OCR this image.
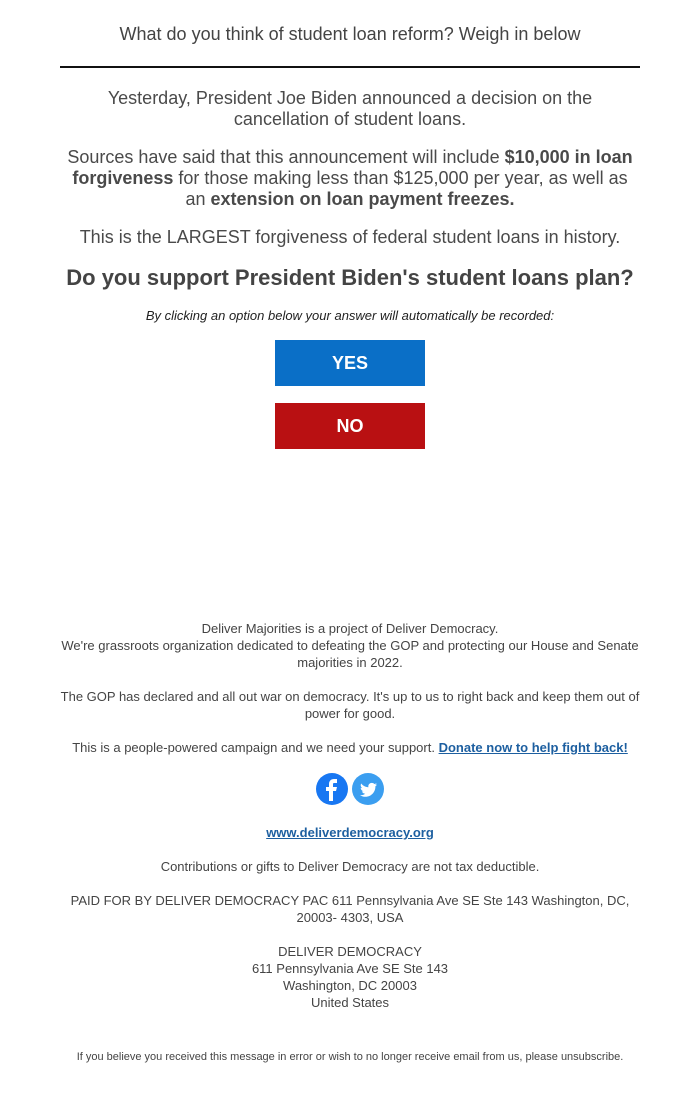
What do you think of student loan reform? Weigh in below

Yesterday, President Joe Biden announced a decision on the cancellation of student loans.

Sources have said that this announcement will include $10,000 in loan forgiveness for those making less than $125,000 per year, as well as an extension on loan payment freezes.

This is the LARGEST forgiveness of federal student loans in history.

Do you support President Biden's student loans plan?

By clicking an option below your answer will automatically be recorded:

YES
NO

Deliver Majorities is a project of Deliver Democracy.

We're grassroots organization dedicated to defeating the GOP and protecting our House and Senate majorities in 2022.

The GOP has declared and all out war on democracy. It's up to us to right back and keep them out of power for good.

This is a people-powered campaign and we need your support. Donate now to help fight back!

www.deliverdemocracy.org

Contributions or gifts to Deliver Democracy are not tax deductible.

PAID FOR BY DELIVER DEMOCRACY PAC 611 Pennsylvania Ave SE Ste 143 Washington, DC, 20003- 4303, USA

DELIVER DEMOCRACY

611 Pennsylvania Ave SE Ste 143

Washington, DC 20003

United States

If you believe you received this message in error or wish to no longer receive email from us, please unsubscribe.
